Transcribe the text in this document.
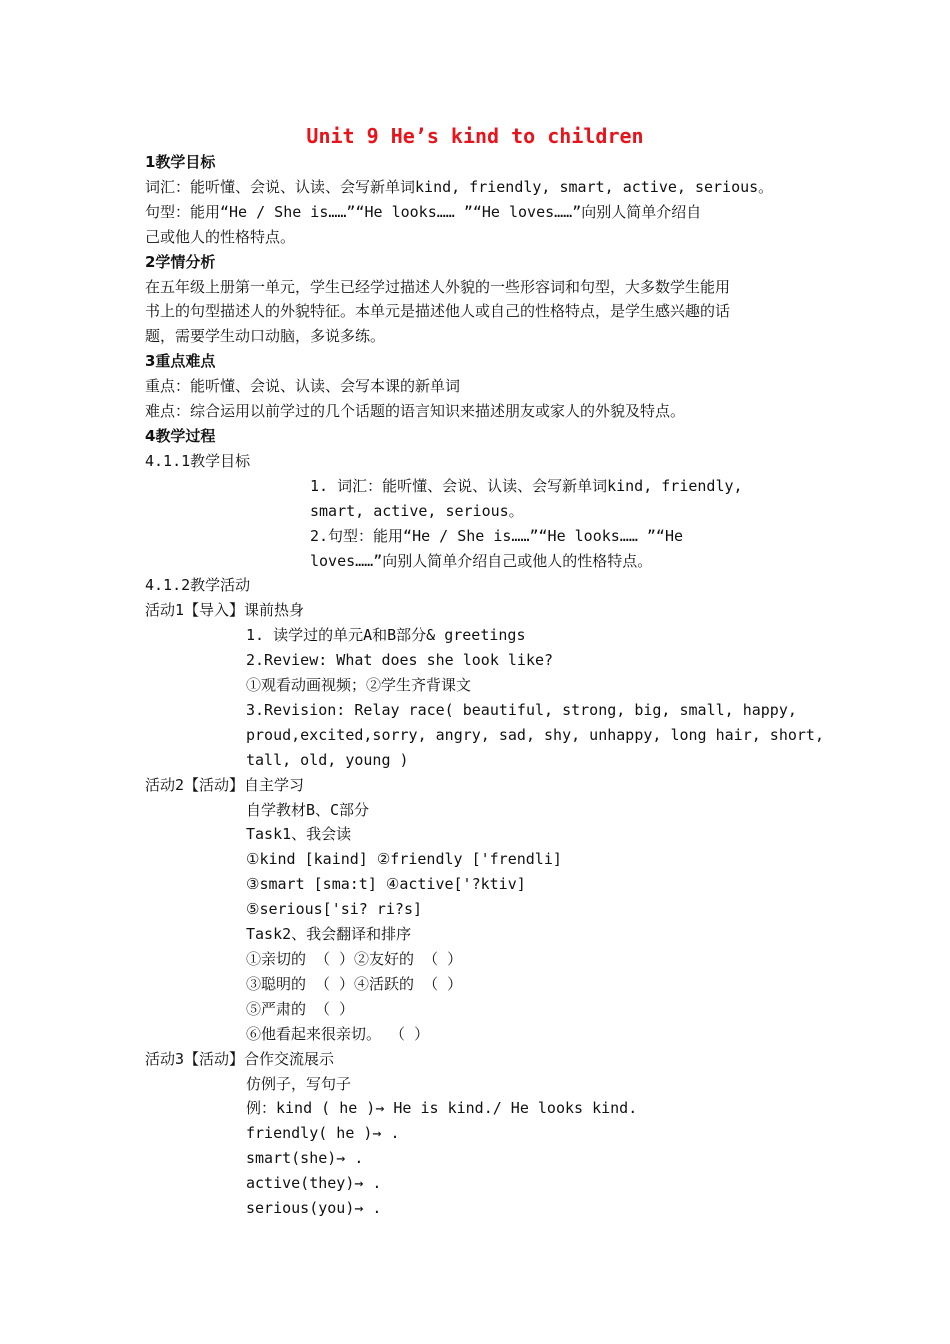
Unit 9 He’s kind to children
1教学目标
词汇：能听懂、会说、认读、会写新单词kind, friendly, smart, active, serious。
句型：能用“He / She is……”“He looks…… ”“He loves……”向别人简单介绍自
己或他人的性格特点。
2学情分析
在五年级上册第一单元，学生已经学过描述人外貌的一些形容词和句型，大多数学生能用
书上的句型描述人的外貌特征。本单元是描述他人或自己的性格特点，是学生感兴趣的话
题，需要学生动口动脑，多说多练。
3重点难点
重点：能听懂、会说、认读、会写本课的新单词
难点：综合运用以前学过的几个话题的语言知识来描述朋友或家人的外貌及特点。
4教学过程
4.1.1教学目标
1. 词汇：能听懂、会说、认读、会写新单词kind, friendly,
smart, active, serious。
2.句型：能用“He / She is……”“He looks…… ”“He
loves……”向别人简单介绍自己或他人的性格特点。
4.1.2教学活动
活动1【导入】课前热身
1. 读学过的单元A和B部分& greetings
2.Review: What does she look like?
①观看动画视频；②学生齐背课文
3.Revision: Relay race( beautiful, strong, big, small, happy,
proud,excited,sorry, angry, sad, shy, unhappy, long hair, short,
tall, old, young )
活动2【活动】自主学习
自学教材B、C部分
Task1、我会读
①kind [kaind] ②friendly ['frendli]
③smart [sma:t] ④active['?ktiv]
⑤serious['si? ri?s]
Task2、我会翻译和排序
①亲切的 （ ）②友好的 （ ）
③聪明的 （ ）④活跃的 （ ）
⑤严肃的 （ ）
⑥他看起来很亲切。 （ ）
活动3【活动】合作交流展示
仿例子，写句子
例：kind ( he )→ He is kind./ He looks kind.
friendly( he )→ .
smart(she)→ .
active(they)→ .
serious(you)→ .
